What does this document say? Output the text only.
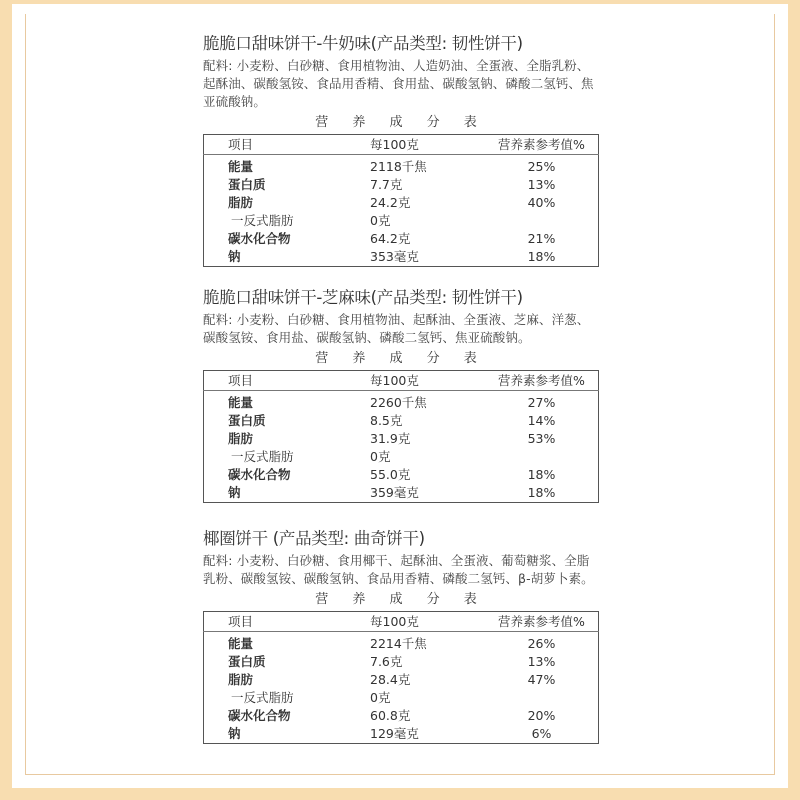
脆脆口甜味饼干-牛奶味(产品类型: 韧性饼干)
配料: 小麦粉、白砂糖、食用植物油、人造奶油、全蛋液、全脂乳粉、起酥油、碳酸氢铵、食品用香精、食用盐、碳酸氢钠、磷酸二氢钙、焦亚硫酸钠。
营 养 成 分 表
项目	每100克	营养素参考值%
能量	2118千焦	25%
蛋白质	7.7克	13%
脂肪	24.2克	40%
一反式脂肪	0克	
碳水化合物	64.2克	21%
钠	353毫克	18%
脆脆口甜味饼干-芝麻味(产品类型: 韧性饼干)
配料: 小麦粉、白砂糖、食用植物油、起酥油、全蛋液、芝麻、洋葱、碳酸氢铵、食用盐、碳酸氢钠、磷酸二氢钙、焦亚硫酸钠。
营 养 成 分 表
项目	每100克	营养素参考值%
能量	2260千焦	27%
蛋白质	8.5克	14%
脂肪	31.9克	53%
一反式脂肪	0克	
碳水化合物	55.0克	18%
钠	359毫克	18%
椰圈饼干 (产品类型: 曲奇饼干)
配料: 小麦粉、白砂糖、食用椰干、起酥油、全蛋液、葡萄糖浆、全脂乳粉、碳酸氢铵、碳酸氢钠、食品用香精、磷酸二氢钙、β-胡萝卜素。
营 养 成 分 表
项目	每100克	营养素参考值%
能量	2214千焦	26%
蛋白质	7.6克	13%
脂肪	28.4克	47%
一反式脂肪	0克	
碳水化合物	60.8克	20%
钠	129毫克	6%
